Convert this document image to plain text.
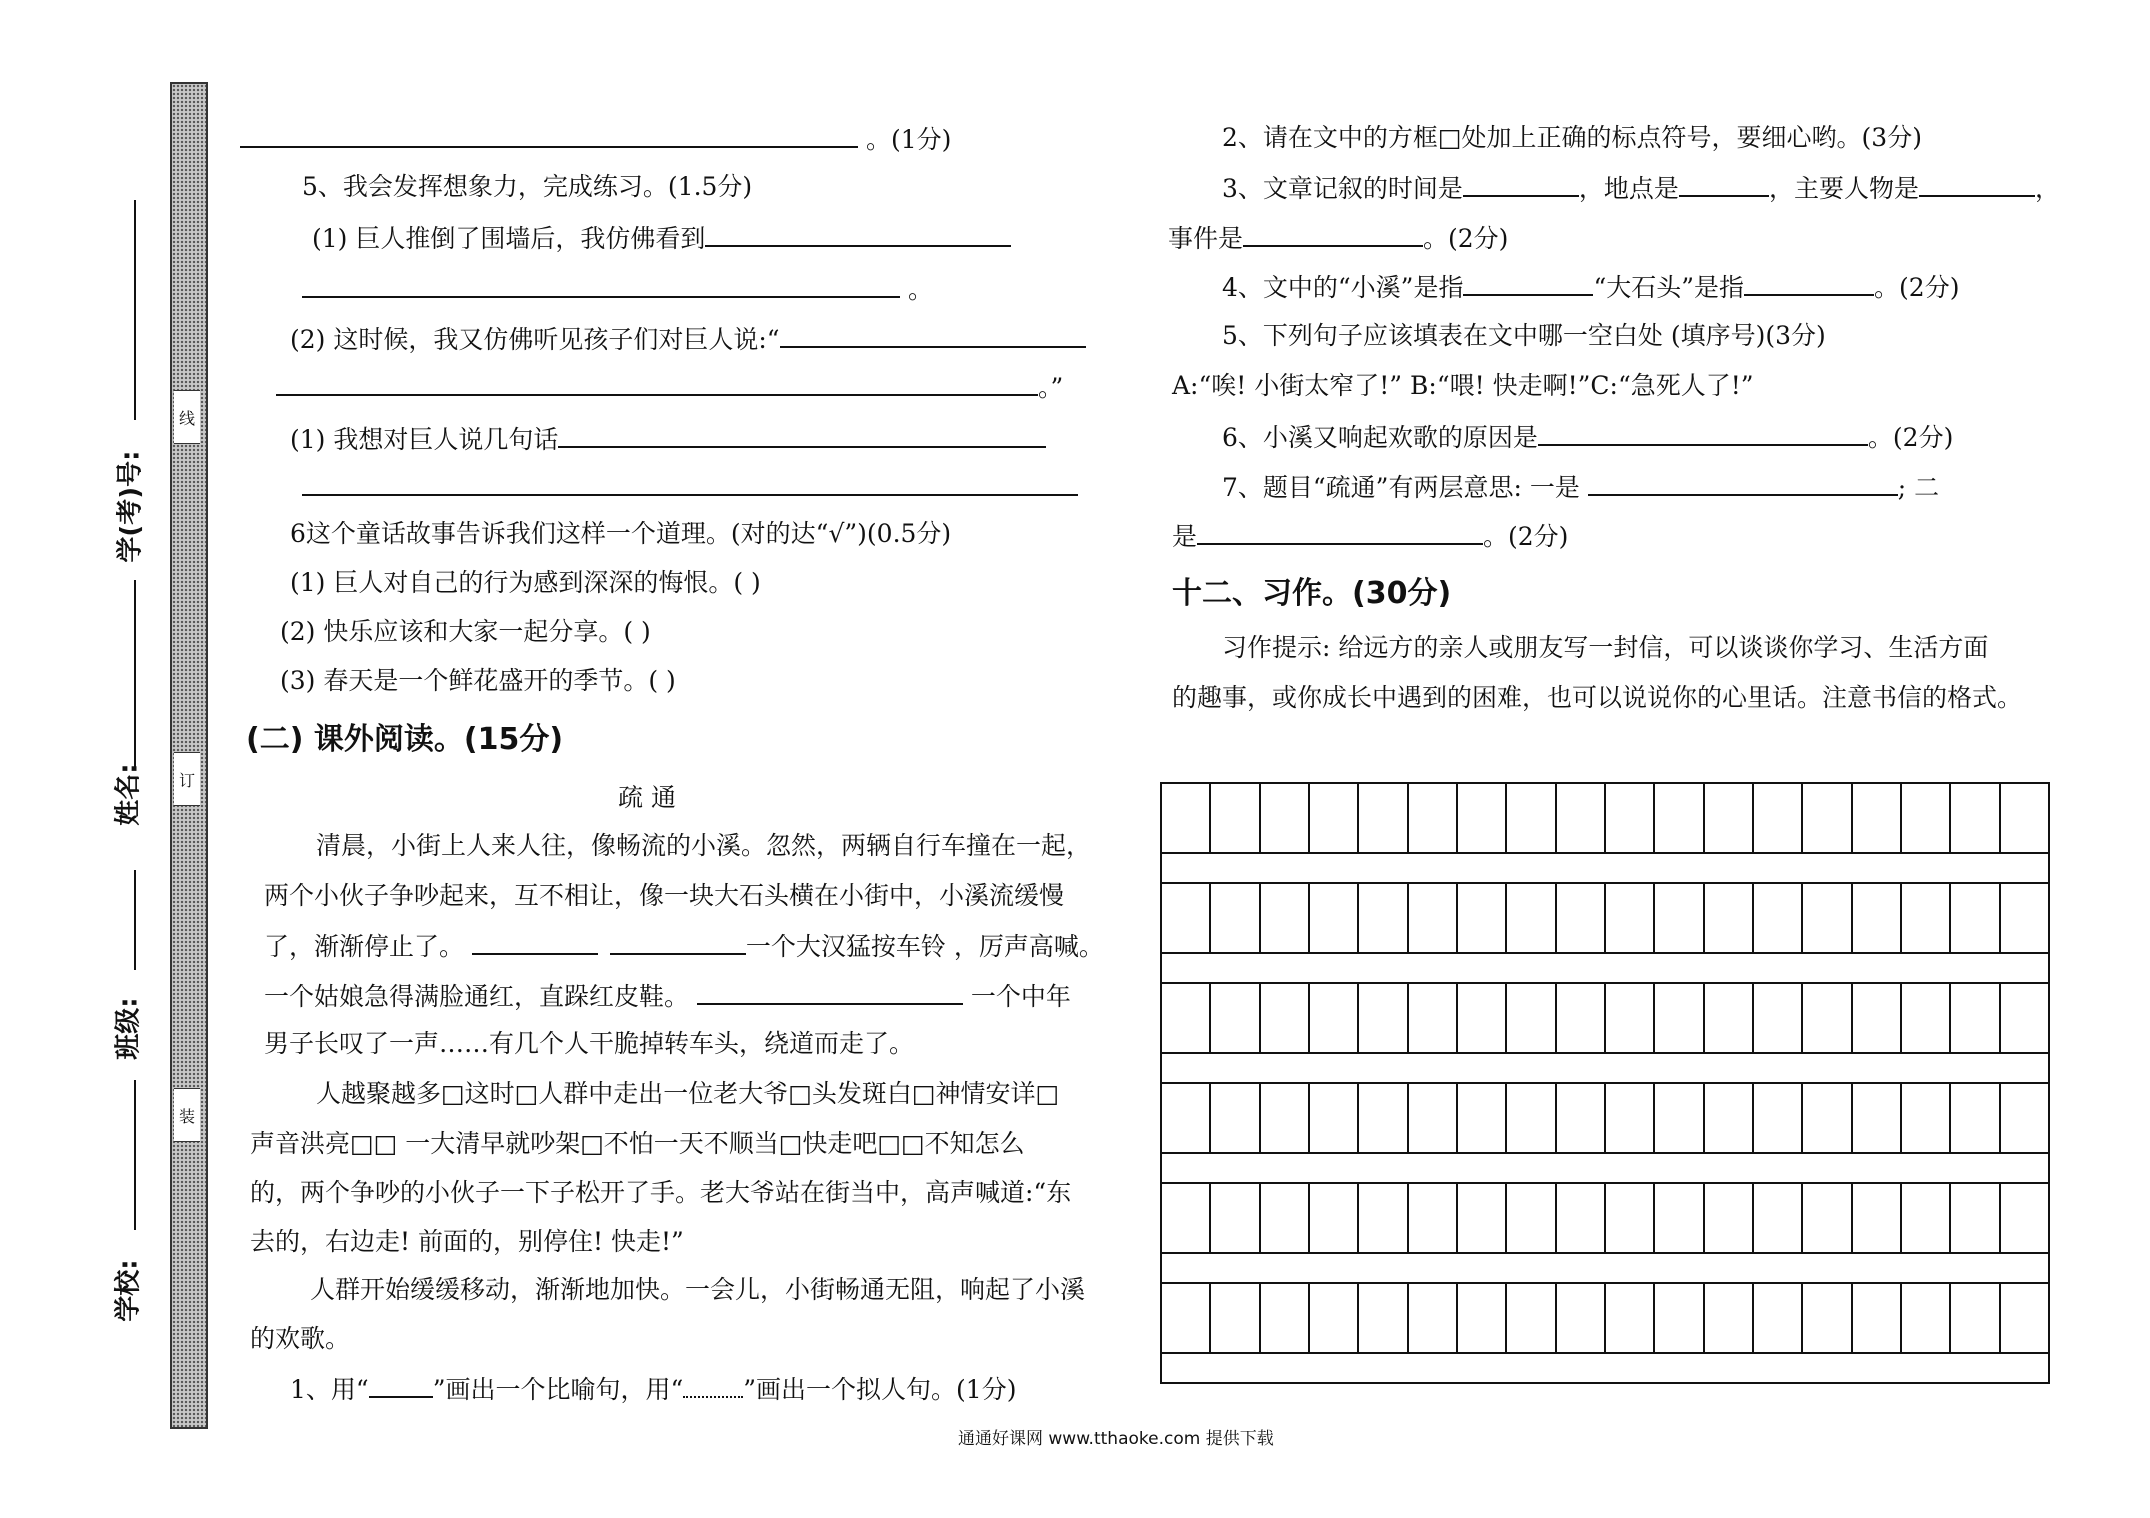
学(考)号:
姓名:
班级:
学校:
线
订
装
。(1分)
5、我会发挥想象力，完成练习。(1.5分)
(1) 巨人推倒了围墙后，我仿佛看到
。
(2) 这时候，我又仿佛听见孩子们对巨人说:“
。”
(1) 我想对巨人说几句话
6这个童话故事告诉我们这样一个道理。(对的达“√”)(0.5分)
(1) 巨人对自己的行为感到深深的悔恨。( )
(2) 快乐应该和大家一起分享。( )
(3) 春天是一个鲜花盛开的季节。( )
(二) 课外阅读。(15分)
疏 通
清晨，小街上人来人往，像畅流的小溪。忽然，两辆自行车撞在一起，
两个小伙子争吵起来，互不相让，像一块大石头横在小街中，小溪流缓慢
了，渐渐停止了。	一个大汉猛按车铃 ，厉声高喊。
一个姑娘急得满脸通红，直跺红皮鞋。	一个中年
男子长叹了一声……有几个人干脆掉转车头，绕道而走了。
人越聚越多□这时□人群中走出一位老大爷□头发斑白□神情安详□
声音洪亮□□ 一大清早就吵架□不怕一天不顺当□快走吧□□不知怎么
的，两个争吵的小伙子一下子松开了手。老大爷站在街当中，高声喊道:“东
去的，右边走! 前面的，别停住! 快走!”
人群开始缓缓移动，渐渐地加快。一会儿，小街畅通无阻，响起了小溪
的欢歌。
1、用“	”画出一个比喻句，用“ ”画出一个拟人句。(1分)
2、请在文中的方框□处加上正确的标点符号，要细心哟。(3分)
3、文章记叙的时间是	，地点是	，主要人物是	，
事件是	。(2分)
4、文中的“小溪”是指	“大石头”是指	。(2分)
5、下列句子应该填表在文中哪一空白处 (填序号)(3分)
A:“唉! 小街太窄了!” B:“喂! 快走啊!”C:“急死人了!”
6、小溪又响起欢歌的原因是	。(2分)
7、题目“疏通”有两层意思: 一是	; 二
是	。(2分)
十二、习作。(30分)
习作提示: 给远方的亲人或朋友写一封信，可以谈谈你学习、生活方面
的趣事，或你成长中遇到的困难，也可以说说你的心里话。注意书信的格式。
通通好课网 www.tthaoke.com 提供下载
